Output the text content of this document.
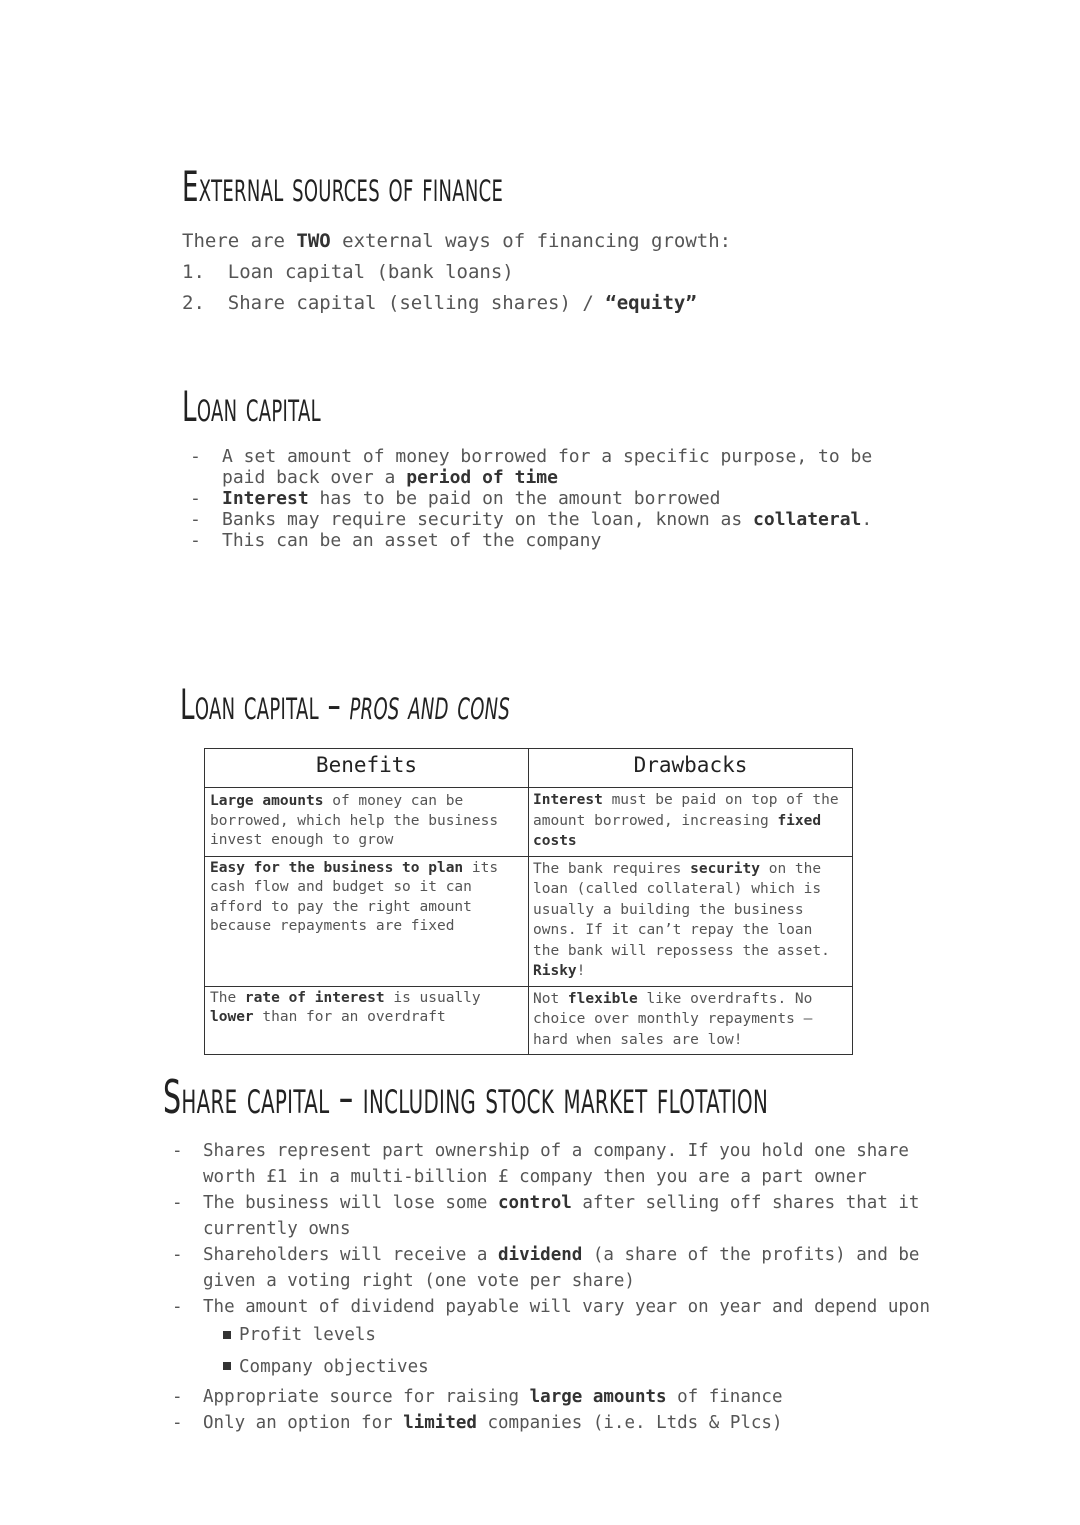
External sources of finance
There are TWO external ways of financing growth:
1.  Loan capital (bank loans)
2.  Share capital (selling shares) / “equity”
Loan capital
-	A set amount of money borrowed for a specific purpose, to be paid back over a period of time
-	Interest has to be paid on the amount borrowed
-	Banks may require security on the loan, known as collateral.
-	This can be an asset of the company
Loan capital – pros and cons
Benefits	Drawbacks
Large amounts of money can be borrowed, which help the business invest enough to grow	Interest must be paid on top of the amount borrowed, increasing fixed costs
Easy for the business to plan its cash flow and budget so it can afford to pay the right amount because repayments are fixed	The bank requires security on the loan (called collateral) which is usually a building the business owns. If it can’t repay the loan the bank will repossess the asset. Risky!
The rate of interest is usually lower than for an overdraft	Not flexible like overdrafts. No choice over monthly repayments – hard when sales are low!
Share capital – including stock market flotation
-	Shares represent part ownership of a company. If you hold one share worth £1 in a multi-billion £ company then you are a part owner
-	The business will lose some control after selling off shares that it currently owns
-	Shareholders will receive a dividend (a share of the profits) and be given a voting right (one vote per share)
-	The amount of dividend payable will vary year on year and depend upon
Profit levels
Company objectives
-	Appropriate source for raising large amounts of finance
-	Only an option for limited companies (i.e. Ltds & Plcs)
